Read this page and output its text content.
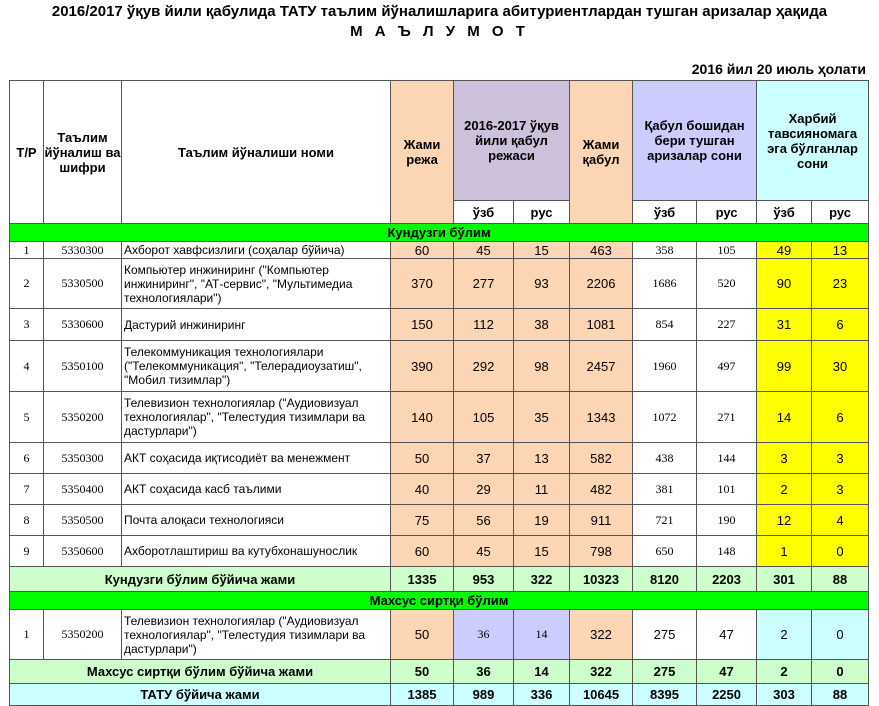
2016/2017 ўқув йили қабулида ТАТУ таълим йўналишларига абитуриентлардан тушган аризалар ҳақида
М А Ъ Л У М О Т
2016 йил 20 июль ҳолати
Т/Р	Таълим йўналиш ва шифри	Таълим йўналиши номи	Жами режа	2016-2017 ўқув йили қабул режаси		Жами қабул	Қабул бошидан бери тушган аризалар сони		Харбий тавсияномага эга бўлганлар сони	
				ўзб	рус		ўзб	рус	ўзб	рус
Кундузги бўлим										
1	5330300	Ахборот хавфсизлиги (соҳалар бўйича)	60	45	15	463	358	105	49	13
2	5330500	Компьютер инжиниринг ("Компьютер инжиниринг", "АТ-сервис", "Мультимедиа технологиялари")	370	277	93	2206	1686	520	90	23
3	5330600	Дастурий инжиниринг	150	112	38	1081	854	227	31	6
4	5350100	Телекоммуникация технологиялари ("Телекоммуникация", "Телерадиоузатиш", "Мобил тизимлар")	390	292	98	2457	1960	497	99	30
5	5350200	Телевизион технологиялар ("Аудиовизуал технологиялар", "Телестудия тизимлари ва дастурлари")	140	105	35	1343	1072	271	14	6
6	5350300	АКТ соҳасида иқтисодиёт ва менежмент	50	37	13	582	438	144	3	3
7	5350400	АКТ соҳасида касб таълими	40	29	11	482	381	101	2	3
8	5350500	Почта алоқаси технологияси	75	56	19	911	721	190	12	4
9	5350600	Ахборотлаштириш ва кутубхонашунослик	60	45	15	798	650	148	1	0
Кундузги бўлим бўйича жами			1335	953	322	10323	8120	2203	301	88
Махсус сиртқи бўлим										
1	5350200	Телевизион технологиялар ("Аудиовизуал технологиялар", "Телестудия тизимлари ва дастурлари")	50	36	14	322	275	47	2	0
Махсус сиртқи бўлим бўйича жами			50	36	14	322	275	47	2	0
ТАТУ бўйича жами			1385	989	336	10645	8395	2250	303	88
